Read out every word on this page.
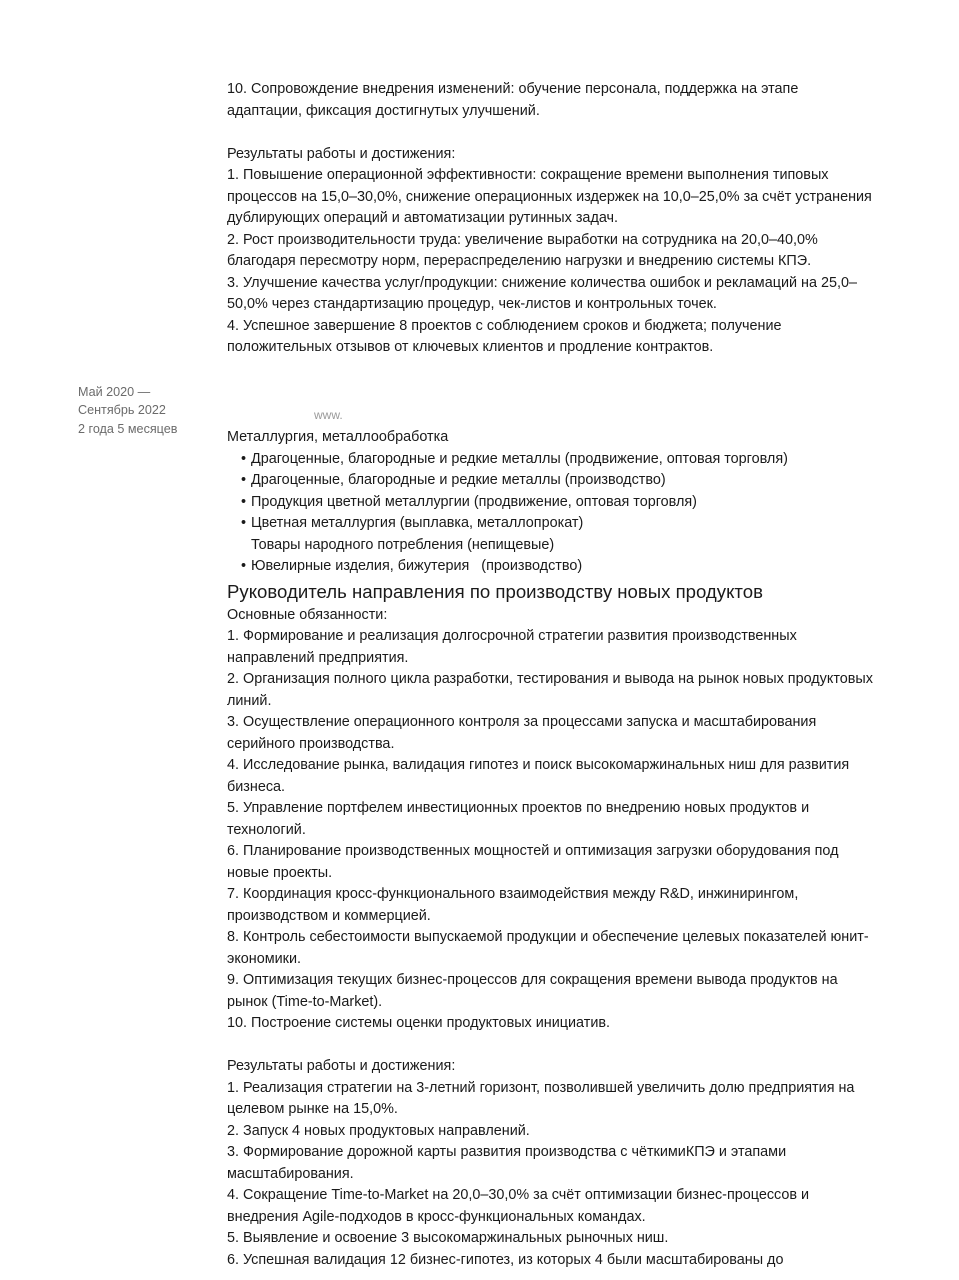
10. Сопровождение внедрения изменений: обучение персонала, поддержка на этапе адаптации, фиксация достигнутых улучшений.

Результаты работы и достижения:

1. Повышение операционной эффективности: сокращение времени выполнения типовых процессов на 15,0–30,0%, снижение операционных издержек на 10,0–25,0% за счёт устранения дублирующих операций и автоматизации рутинных задач.

2. Рост производительности труда: увеличение выработки на сотрудника на 20,0–40,0% благодаря пересмотру норм, перераспределению нагрузки и внедрению системы КПЭ.

3. Улучшение качества услуг/продукции: снижение количества ошибок и рекламаций на 25,0–50,0% через стандартизацию процедур, чек-листов и контрольных точек.

4. Успешное завершение 8 проектов с соблюдением сроков и бюджета; получение положительных отзывов от ключевых клиентов и продление контрактов.

Май 2020 —

Сентябрь 2022

2 года 5 месяцев

www.

Металлургия, металлообработка

• Драгоценные, благородные и редкие металлы (продвижение, оптовая торговля)
• Драгоценные, благородные и редкие металлы (производство)
• Продукция цветной металлургии (продвижение, оптовая торговля)
• Цветная металлургия (выплавка, металлопрокат)
Товары народного потребления (непищевые)
• Ювелирные изделия, бижутерия   (производство)
Руководитель направления по производству новых продуктов

Основные обязанности:

1. Формирование и реализация долгосрочной стратегии развития производственных направлений предприятия.

2. Организация полного цикла разработки, тестирования и вывода на рынок новых продуктовых линий.

3. Осуществление операционного контроля за процессами запуска и масштабирования серийного производства.

4. Исследование рынка, валидация гипотез и поиск высокомаржинальных ниш для развития бизнеса.

5. Управление портфелем инвестиционных проектов по внедрению новых продуктов и технологий.

6. Планирование производственных мощностей и оптимизация загрузки оборудования под новые проекты.

7. Координация кросс-функционального взаимодействия между R&D, инжинирингом, производством и коммерцией.

8. Контроль себестоимости выпускаемой продукции и обеспечение целевых показателей юнит-экономики.

9. Оптимизация текущих бизнес-процессов для сокращения времени вывода продуктов на рынок (Time-to-Market).

10. Построение системы оценки продуктовых инициатив.

Результаты работы и достижения:

1. Реализация стратегии на 3-летний горизонт, позволившей увеличить долю предприятия на целевом рынке на 15,0%.

2. Запуск 4 новых продуктовых направлений.

3. Формирование дорожной карты развития производства с чёткимиКПЭ и этапами масштабирования.

4. Сокращение Time-to-Market на 20,0–30,0% за счёт оптимизации бизнес-процессов и внедрения Agile-подходов в кросс-функциональных командах.

5. Выявление и освоение 3 высокомаржинальных рыночных ниш.

6. Успешная валидация 12 бизнес-гипотез, из которых 4 были масштабированы до
